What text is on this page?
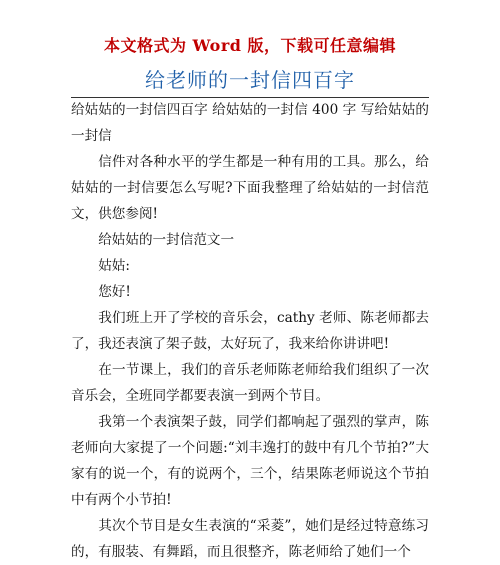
本文格式为 Word 版，下载可任意编辑
给老师的一封信四百字

给姑姑的一封信四百字 给姑姑的一封信 400 字 写给姑姑的一封信

信件对各种水平的学生都是一种有用的工具。那么，给姑姑的一封信要怎么写呢?下面我整理了给姑姑的一封信范文，供您参阅!

给姑姑的一封信范文一

姑姑:

您好!

我们班上开了学校的音乐会，cathy 老师、陈老师都去了，我还表演了架子鼓，太好玩了，我来给你讲讲吧!

在一节课上，我们的音乐老师陈老师给我们组织了一次音乐会，全班同学都要表演一到两个节目。

我第一个表演架子鼓，同学们都响起了强烈的掌声，陈老师向大家提了一个问题:“刘丰逸打的鼓中有几个节拍?”大家有的说一个，有的说两个，三个，结果陈老师说这个节拍中有两个小节拍!

其次个节目是女生表演的“采菱”，她们是经过特意练习的，有服装、有舞蹈，而且很整齐，陈老师给了她们一个
